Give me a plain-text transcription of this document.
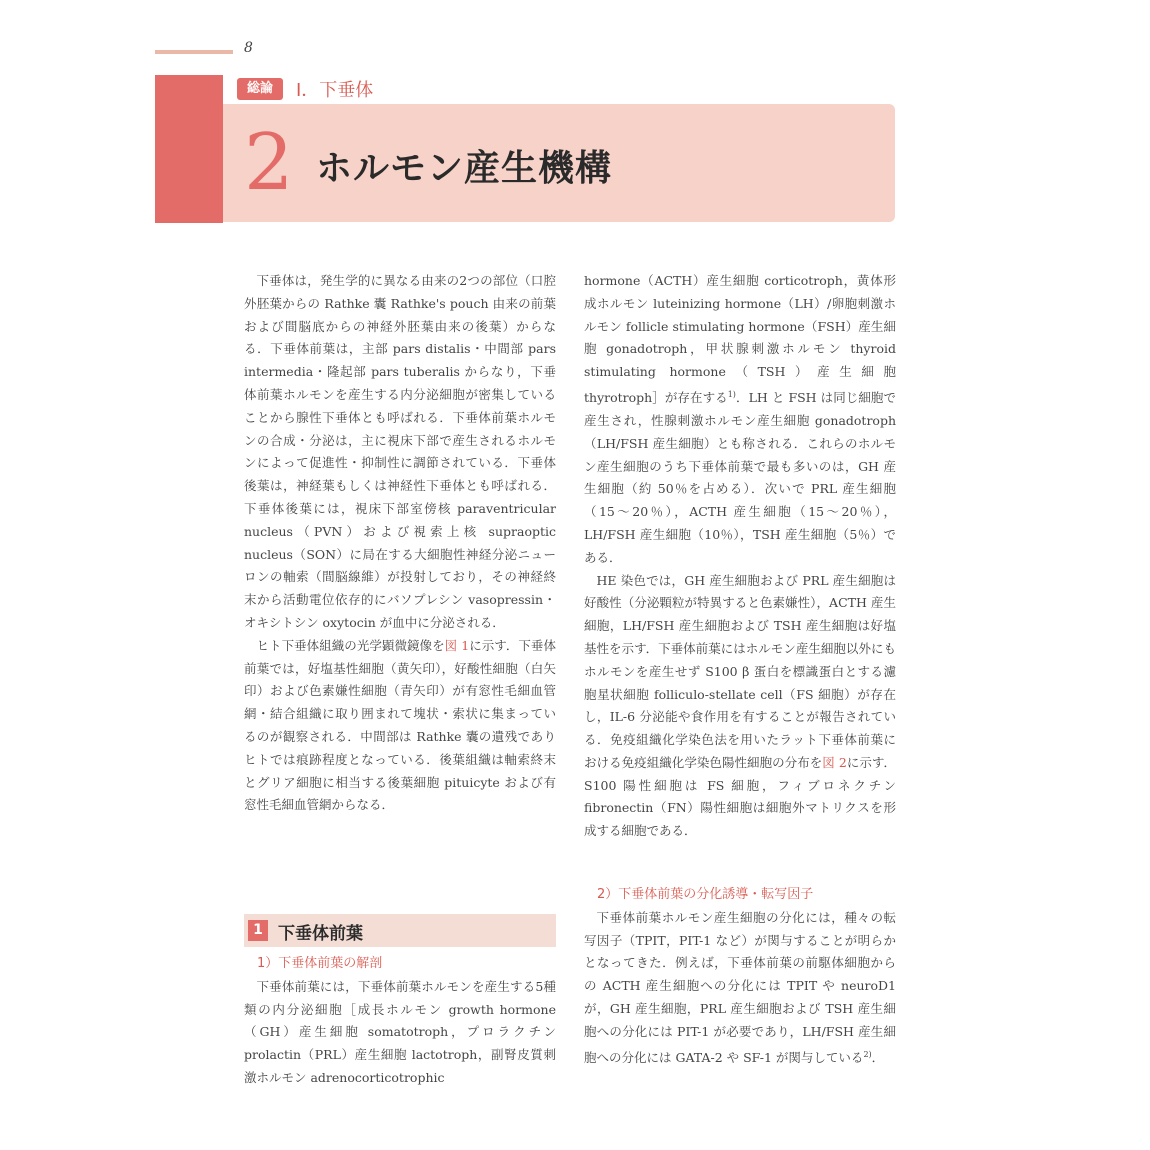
8
総論	I．下垂体
2 ホルモン産生機構

下垂体は，発生学的に異なる由来の2つの部位（口腔外胚葉からの Rathke 囊 Rathke's pouch 由来の前葉および間脳底からの神経外胚葉由来の後葉）からなる．下垂体前葉は，主部 pars distalis・中間部 pars intermedia・隆起部 pars tuberalis からなり，下垂体前葉ホルモンを産生する内分泌細胞が密集していることから腺性下垂体とも呼ばれる．下垂体前葉ホルモンの合成・分泌は，主に視床下部で産生されるホルモンによって促進性・抑制性に調節されている．下垂体後葉は，神経葉もしくは神経性下垂体とも呼ばれる．下垂体後葉には，視床下部室傍核 paraventricular nucleus（PVN）および視索上核 supraoptic nucleus（SON）に局在する大細胞性神経分泌ニューロンの軸索（間脳線維）が投射しており，その神経終末から活動電位依存的にバソプレシン vasopressin・オキシトシン oxytocin が血中に分泌される．

ヒト下垂体組織の光学顕微鏡像を図 1に示す．下垂体前葉では，好塩基性細胞（黄矢印），好酸性細胞（白矢印）および色素嫌性細胞（青矢印）が有窓性毛細血管網・結合組織に取り囲まれて塊状・索状に集まっているのが観察される．中間部は Rathke 囊の遺残でありヒトでは痕跡程度となっている．後葉組織は軸索終末とグリア細胞に相当する後葉細胞 pituicyte および有窓性毛細血管網からなる．

1 下垂体前葉

1）下垂体前葉の解剖

下垂体前葉には，下垂体前葉ホルモンを産生する5種類の内分泌細胞［成長ホルモン growth hormone（GH）産生細胞 somatotroph，プロラクチン prolactin（PRL）産生細胞 lactotroph，副腎皮質刺激ホルモン adrenocorticotrophic

hormone（ACTH）産生細胞 corticotroph，黄体形成ホルモン luteinizing hormone（LH）/卵胞刺激ホルモン follicle stimulating hormone（FSH）産生細胞 gonadotroph，甲状腺刺激ホルモン thyroid stimulating hormone（TSH）産生細胞 thyrotroph］が存在する$^{1)}$．LH と FSH は同じ細胞で産生され，性腺刺激ホルモン産生細胞 gonadotroph（LH/FSH 産生細胞）とも称される．これらのホルモン産生細胞のうち下垂体前葉で最も多いのは，GH 産生細胞（約 50％を占める）．次いで PRL 産生細胞（15〜20％），ACTH 産生細胞（15〜20％），LH/FSH 産生細胞（10％），TSH 産生細胞（5％）である．

HE 染色では，GH 産生細胞および PRL 産生細胞は好酸性（分泌顆粒が特異すると色素嫌性），ACTH 産生細胞，LH/FSH 産生細胞および TSH 産生細胞は好塩基性を示す．下垂体前葉にはホルモン産生細胞以外にもホルモンを産生せず S100 β 蛋白を標識蛋白とする濾胞星状細胞 folliculo-stellate cell（FS 細胞）が存在し，IL-6 分泌能や食作用を有することが報告されている．免疫組織化学染色法を用いたラット下垂体前葉における免疫組織化学染色陽性細胞の分布を図 2に示す．S100 陽性細胞は FS 細胞，フィブロネクチン fibronectin（FN）陽性細胞は細胞外マトリクスを形成する細胞である．

2）下垂体前葉の分化誘導・転写因子

下垂体前葉ホルモン産生細胞の分化には，種々の転写因子（TPIT，PIT-1 など）が関与することが明らかとなってきた．例えば，下垂体前葉の前駆体細胞からの ACTH 産生細胞への分化には TPIT や neuroD1 が，GH 産生細胞，PRL 産生細胞および TSH 産生細胞への分化には PIT-1 が必要であり，LH/FSH 産生細胞への分化には GATA-2 や SF-1 が関与している$^{2)}$．
